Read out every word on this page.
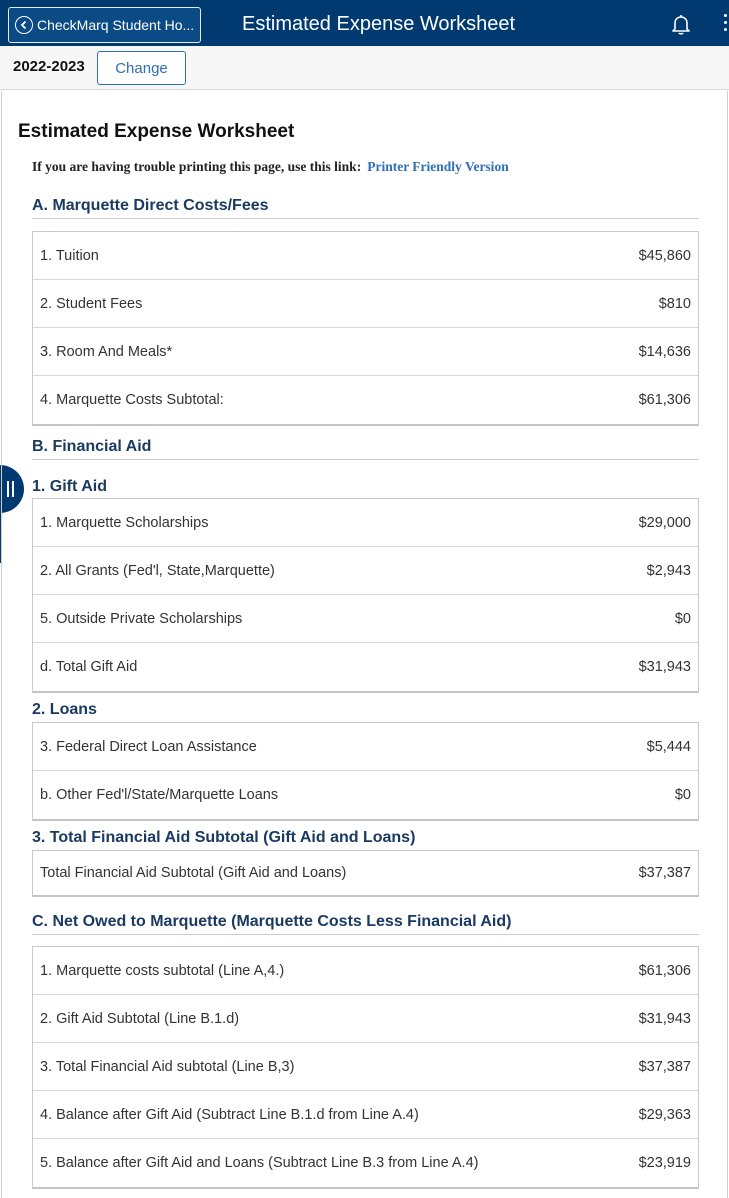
CheckMarq Student Ho... Estimated Expense Worksheet
2022-2023	Change
Estimated Expense Worksheet
If you are having trouble printing this page, use this link: Printer Friendly Version
A. Marquette Direct Costs/Fees
1. Tuition	$45,860
2. Student Fees	$810
3. Room And Meals*	$14,636
4. Marquette Costs Subtotal:	$61,306
B. Financial Aid
1. Gift Aid
1. Marquette Scholarships	$29,000
2. All Grants (Fed'l, State,Marquette)	$2,943
5. Outside Private Scholarships	$0
d. Total Gift Aid	$31,943
2. Loans
3. Federal Direct Loan Assistance	$5,444
b. Other Fed'l/State/Marquette Loans	$0
3. Total Financial Aid Subtotal (Gift Aid and Loans)
Total Financial Aid Subtotal (Gift Aid and Loans)	$37,387
C. Net Owed to Marquette (Marquette Costs Less Financial Aid)
1. Marquette costs subtotal (Line A,4.)	$61,306
2. Gift Aid Subtotal (Line B.1.d)	$31,943
3. Total Financial Aid subtotal (Line B,3)	$37,387
4. Balance after Gift Aid (Subtract Line B.1.d from Line A.4)	$29,363
5. Balance after Gift Aid and Loans (Subtract Line B.3 from Line A.4)	$23,919
